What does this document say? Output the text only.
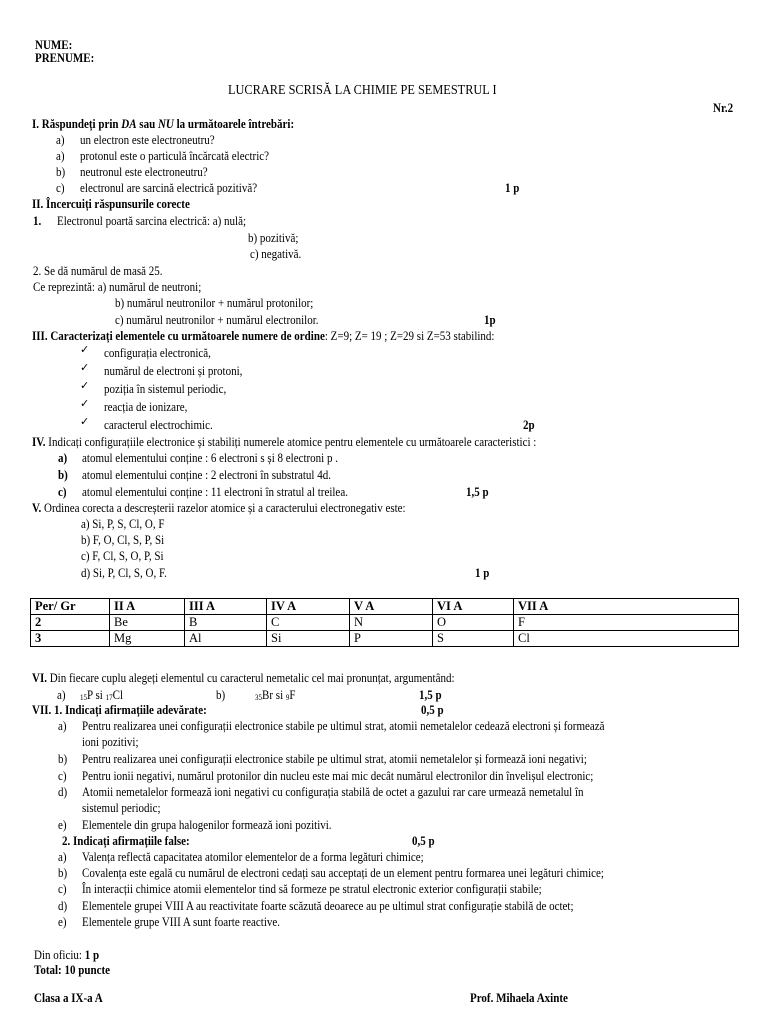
NUME:
PRENUME:
LUCRARE SCRISĂ LA CHIMIE PE SEMESTRUL I
Nr.2
I. Răspundeți prin DA sau NU la următoarele întrebări:
a) un electron este electroneutru?
a) protonul este o particulă încărcată electric?
b) neutronul este electroneutru?
c) electronul are sarcină electrică pozitivă?	1 p
II. Încercuiți răspunsurile corecte
1. Electronul poartă sarcina electrică: a) nulă;
b) pozitivă;
c) negativă.
2. Se dă numărul de masă 25.
Ce reprezintă: a) numărul de neutroni;
b) numărul neutronilor + numărul protonilor;
c) numărul neutronilor + numărul electronilor.	1p
III. Caracterizați elementele cu următoarele numere de ordine: Z=9; Z= 19 ; Z=29 si Z=53 stabilind:
✓ configurația electronică,
✓ numărul de electroni și protoni,
✓ poziția în sistemul periodic,
✓ reacția de ionizare,
✓ caracterul electrochimic.	2p
IV. Indicați configurațiile electronice și stabiliți numerele atomice pentru elementele cu următoarele caracteristici :
a) atomul elementului conține : 6 electroni s și 8 electroni p .
b) atomul elementului conține : 2 electroni în substratul 4d.
c) atomul elementului conține : 11 electroni în stratul al treilea.	1,5 p
V. Ordinea corecta a descreșterii razelor atomice și a caracterului electronegativ este:
a) Si, P, S, Cl, O, F
b) F, O, Cl, S, P, Si
c) F, Cl, S, O, P, Si
d) Si, P, Cl, S, O, F.	1 p
Per/ Gr	II A	III A	IV A	V A	VI A	VII A
2	Be	B	C	N	O	F
3	Mg	Al	Si	P	S	Cl
VI. Din fiecare cuplu alegeți elementul cu caracterul nemetalic cel mai pronunțat, argumentând:
a) $_{15}$P si $_{17}$Cl	b)	$_{35}$Br si $_9$F	1,5 p
VII. 1. Indicați afirmațiile adevărate:	0,5 p
a) Pentru realizarea unei configurații electronice stabile pe ultimul strat, atomii nemetalelor cedează electroni și formează
ioni pozitivi;
b) Pentru realizarea unei configurații electronice stabile pe ultimul strat, atomii nemetalelor și formează ioni negativi;
c) Pentru ionii negativi, numărul protonilor din nucleu este mai mic decât numărul electronilor din învelișul electronic;
d) Atomii nemetalelor formează ioni negativi cu configurația stabilă de octet a gazului rar care urmează nemetalul în
sistemul periodic;
e) Elementele din grupa halogenilor formează ioni pozitivi.
2. Indicați afirmațiile false:	0,5 p
a) Valența reflectă capacitatea atomilor elementelor de a forma legături chimice;
b) Covalența este egală cu numărul de electroni cedați sau acceptați de un element pentru formarea unei legături chimice;
c) În interacții chimice atomii elementelor tind să formeze pe stratul electronic exterior configurații stabile;
d) Elementele grupei VIII A au reactivitate foarte scăzută deoarece au pe ultimul strat configurație stabilă de octet;
e) Elementele grupe VIII A sunt foarte reactive.
Din oficiu: 1 p
Total: 10 puncte
Clasa a IX-a A	Prof. Mihaela Axinte
